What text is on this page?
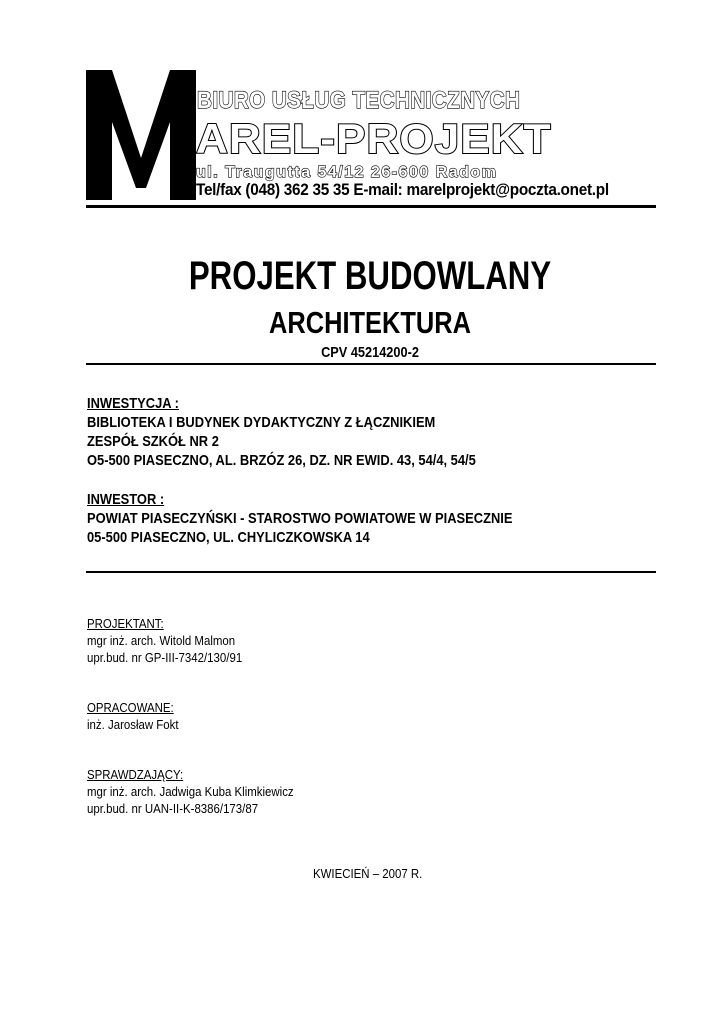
BIURO USŁUG TECHNICZNYCH
AREL-PROJEKT
ul. Traugutta 54/12 26-600 Radom
Tel/fax (048) 362 35 35 E-mail: marelprojekt@poczta.onet.pl
PROJEKT BUDOWLANY
ARCHITEKTURA
CPV 45214200-2
INWESTYCJA :
BIBLIOTEKA I BUDYNEK DYDAKTYCZNY Z ŁĄCZNIKIEM
ZESPÓŁ SZKÓŁ NR 2
O5-500 PIASECZNO, AL. BRZÓZ 26, DZ. NR EWID. 43, 54/4, 54/5
INWESTOR :
POWIAT PIASECZYŃSKI - STAROSTWO POWIATOWE W PIASECZNIE
05-500 PIASECZNO, UL. CHYLICZKOWSKA 14
PROJEKTANT:
mgr inż. arch. Witold Malmon
upr.bud. nr GP-III-7342/130/91
OPRACOWANE:
inż. Jarosław Fokt
SPRAWDZAJĄCY:
mgr inż. arch. Jadwiga Kuba Klimkiewicz
upr.bud. nr UAN-II-K-8386/173/87
KWIECIEŃ – 2007 R.
